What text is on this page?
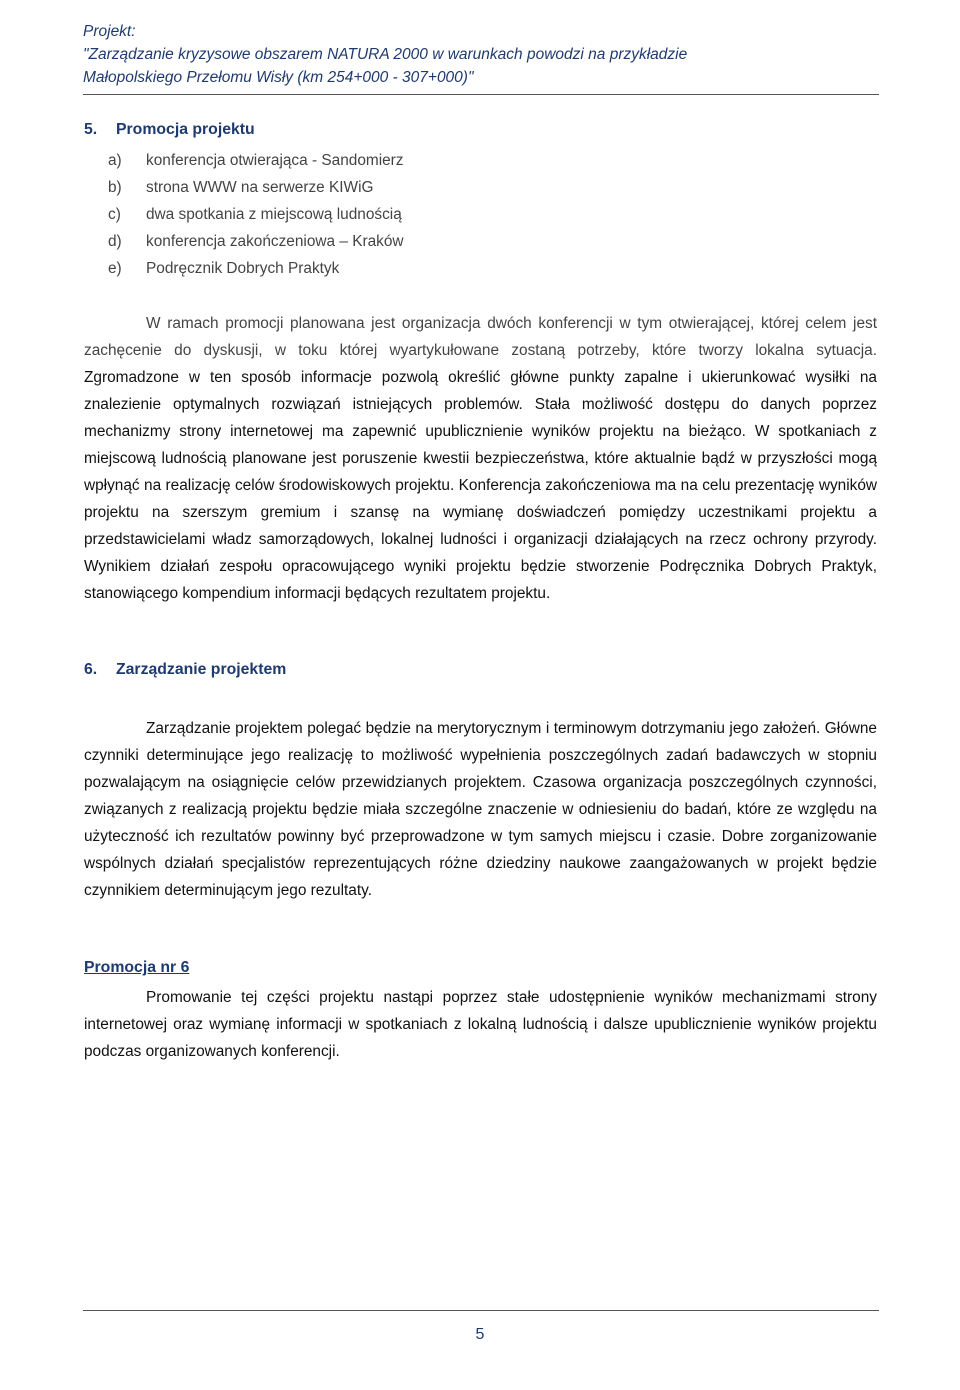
Projekt:
"Zarządzanie kryzysowe obszarem NATURA 2000 w warunkach powodzi na przykładzie
Małopolskiego Przełomu Wisły (km 254+000 - 307+000)"
5. Promocja projektu
a) konferencja otwierająca - Sandomierz
b) strona WWW na serwerze KIWiG
c) dwa spotkania z miejscową ludnością
d) konferencja zakończeniowa – Kraków
e) Podręcznik Dobrych Praktyk
W ramach promocji planowana jest organizacja dwóch konferencji w tym otwierającej, której celem jest zachęcenie do dyskusji, w toku której wyartykułowane zostaną potrzeby, które tworzy lokalna sytuacja. Zgromadzone w ten sposób informacje pozwolą określić główne punkty zapalne i ukierunkować wysiłki na znalezienie optymalnych rozwiązań istniejących problemów. Stała możliwość dostępu do danych poprzez mechanizmy strony internetowej ma zapewnić upublicznienie wyników projektu na bieżąco. W spotkaniach z miejscową ludnością planowane jest poruszenie kwestii bezpieczeństwa, które aktualnie bądź w przyszłości mogą wpłynąć na realizację celów środowiskowych projektu. Konferencja zakończeniowa ma na celu prezentację wyników projektu na szerszym gremium i szansę na wymianę doświadczeń pomiędzy uczestnikami projektu a przedstawicielami władz samorządowych, lokalnej ludności i organizacji działających na rzecz ochrony przyrody. Wynikiem działań zespołu opracowującego wyniki projektu będzie stworzenie Podręcznika Dobrych Praktyk, stanowiącego kompendium informacji będących rezultatem projektu.
6. Zarządzanie projektem
Zarządzanie projektem polegać będzie na merytorycznym i terminowym dotrzymaniu jego założeń. Główne czynniki determinujące jego realizację to możliwość wypełnienia poszczególnych zadań badawczych w stopniu pozwalającym na osiągnięcie celów przewidzianych projektem. Czasowa organizacja poszczególnych czynności, związanych z realizacją projektu będzie miała szczególne znaczenie w odniesieniu do badań, które ze względu na użyteczność ich rezultatów powinny być przeprowadzone w tym samych miejscu i czasie. Dobre zorganizowanie wspólnych działań specjalistów reprezentujących różne dziedziny naukowe zaangażowanych w projekt będzie czynnikiem determinującym jego rezultaty.
Promocja nr 6
Promowanie tej części projektu nastąpi poprzez stałe udostępnienie wyników mechanizmami strony internetowej oraz wymianę informacji w spotkaniach z lokalną ludnością i dalsze upublicznienie wyników projektu podczas organizowanych konferencji.
5
